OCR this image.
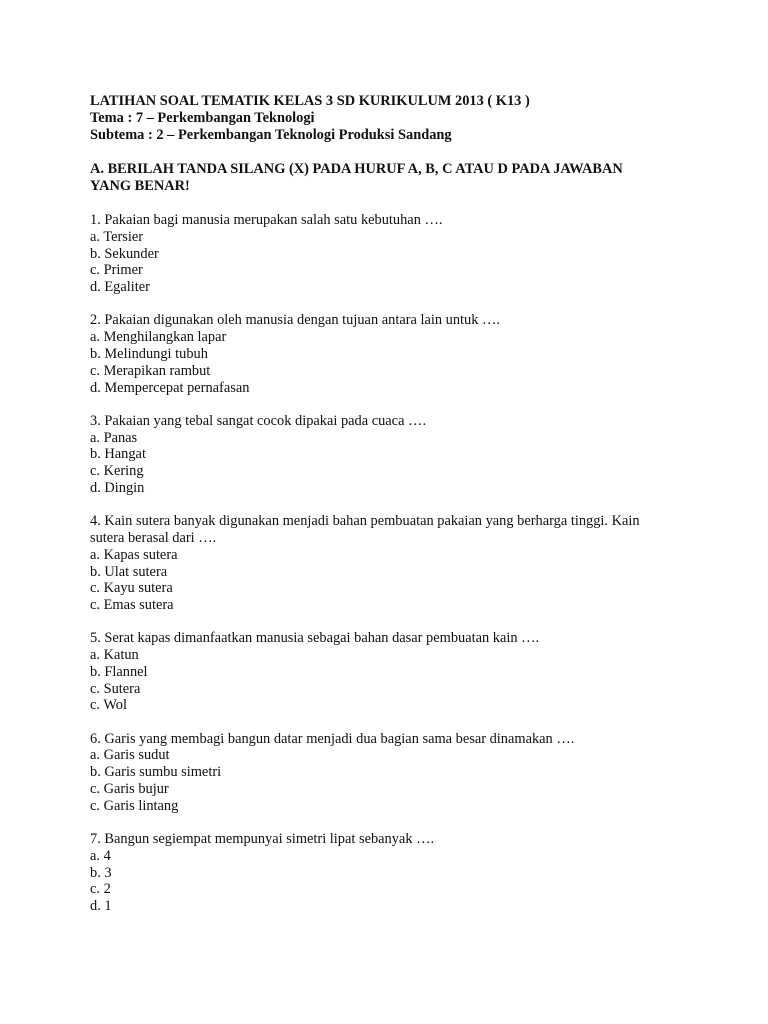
LATIHAN SOAL TEMATIK KELAS 3 SD KURIKULUM 2013 ( K13 )
Tema : 7 – Perkembangan Teknologi
Subtema : 2 – Perkembangan Teknologi Produksi Sandang
A. BERILAH TANDA SILANG (X) PADA HURUF A, B, C ATAU D PADA JAWABAN YANG BENAR!
1. Pakaian bagi manusia merupakan salah satu kebutuhan ….
a. Tersier
b. Sekunder
c. Primer
d. Egaliter
2. Pakaian digunakan oleh manusia dengan tujuan antara lain untuk ….
a. Menghilangkan lapar
b. Melindungi tubuh
c. Merapikan rambut
d. Mempercepat pernafasan
3. Pakaian yang tebal sangat cocok dipakai pada cuaca ….
a. Panas
b. Hangat
c. Kering
d. Dingin
4. Kain sutera banyak digunakan menjadi bahan pembuatan pakaian yang berharga tinggi. Kain sutera berasal dari ….
a. Kapas sutera
b. Ulat sutera
c. Kayu sutera
c. Emas sutera
5. Serat kapas dimanfaatkan manusia sebagai bahan dasar pembuatan kain ….
a. Katun
b. Flannel
c. Sutera
c. Wol
6. Garis yang membagi bangun datar menjadi dua bagian sama besar dinamakan ….
a. Garis sudut
b. Garis sumbu simetri
c. Garis bujur
c. Garis lintang
7. Bangun segiempat mempunyai simetri lipat sebanyak ….
a. 4
b. 3
c. 2
d. 1
